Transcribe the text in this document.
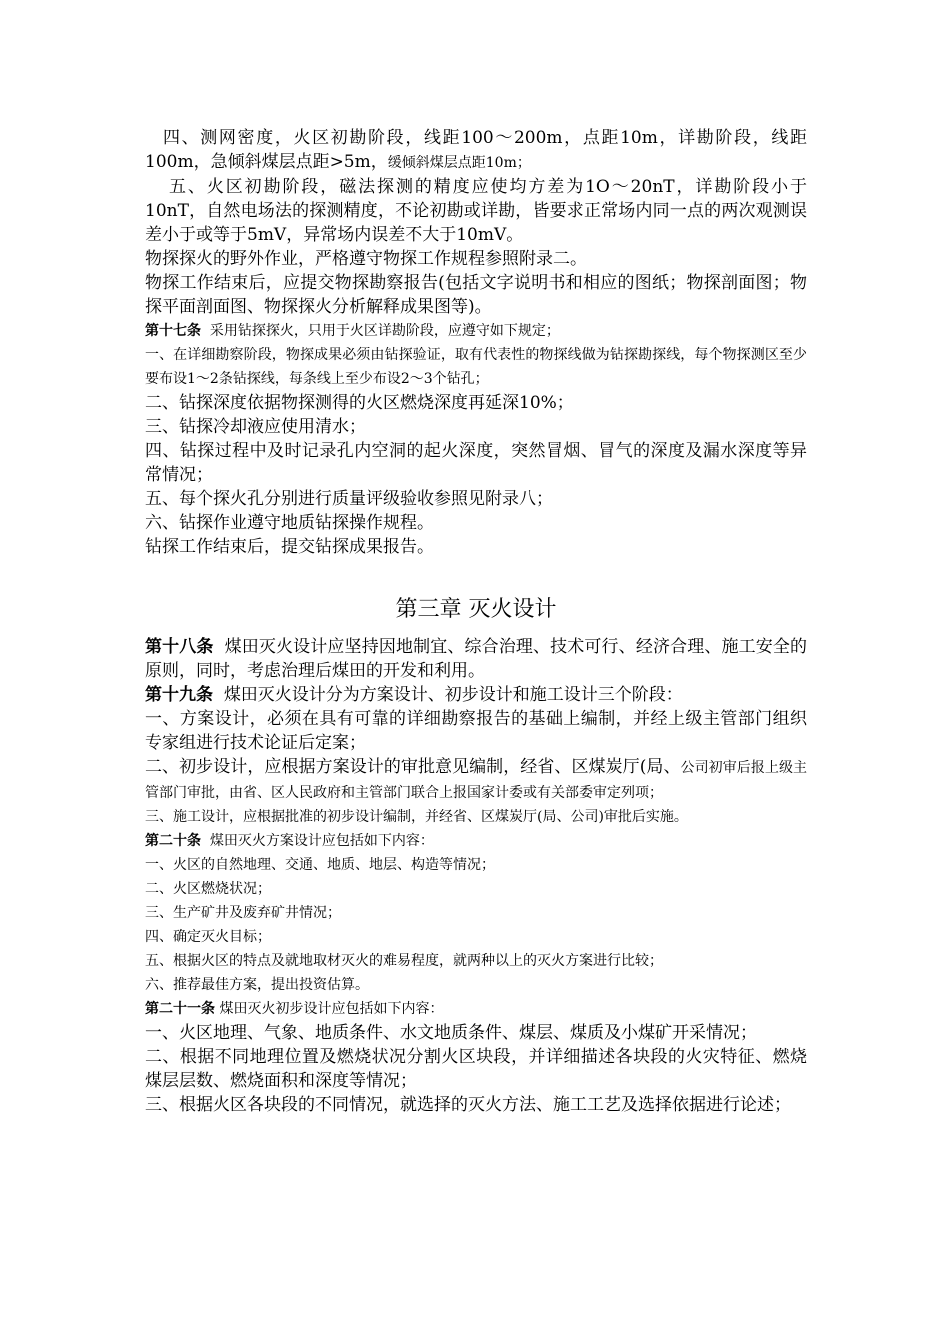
四、测网密度，火区初勘阶段，线距100～200m，点距10m，详勘阶段，线距100m，急倾斜煤层点距>5m，缓倾斜煤层点距10m；

五、火区初勘阶段，磁法探测的精度应使均方差为1O～20nT，详勘阶段小于10nT，自然电场法的探测精度，不论初勘或详勘，皆要求正常场内同一点的两次观测误差小于或等于5mV，异常场内误差不大于10mV。

物探探火的野外作业，严格遵守物探工作规程参照附录二。

物探工作结束后，应提交物探勘察报告(包括文字说明书和相应的图纸；物探剖面图；物探平面剖面图、物探探火分析解释成果图等)。

第十七条 采用钻探探火，只用于火区详勘阶段，应遵守如下规定；

一、在详细勘察阶段，物探成果必须由钻探验证，取有代表性的物探线做为钻探勘探线，每个物探测区至少要布设1～2条钻探线，每条线上至少布设2～3个钻孔；

二、钻探深度依据物探测得的火区燃烧深度再延深10%；

三、钻探冷却液应使用清水；

四、钻探过程中及时记录孔内空洞的起火深度，突然冒烟、冒气的深度及漏水深度等异常情况；

五、每个探火孔分别进行质量评级验收参照见附录八；

六、钻探作业遵守地质钻探操作规程。

钻探工作结束后，提交钻探成果报告。

第三章 灭火设计

第十八条 煤田灭火设计应坚持因地制宜、综合治理、技术可行、经济合理、施工安全的原则，同时，考虑治理后煤田的开发和利用。

第十九条 煤田灭火设计分为方案设计、初步设计和施工设计三个阶段：

一、方案设计，必须在具有可靠的详细勘察报告的基础上编制，并经上级主管部门组织专家组进行技术论证后定案；

二、初步设计，应根据方案设计的审批意见编制，经省、区煤炭厅(局、公司初审后报上级主管部门审批，由省、区人民政府和主管部门联合上报国家计委或有关部委审定列项；

三、施工设计，应根据批准的初步设计编制，并经省、区煤炭厅(局、公司)审批后实施。

第二十条 煤田灭火方案设计应包括如下内容：

一、火区的自然地理、交通、地质、地层、构造等情况；

二、火区燃烧状况；

三、生产矿井及废弃矿井情况；

四、确定灭火目标；

五、根据火区的特点及就地取材灭火的难易程度，就两种以上的灭火方案进行比较；

六、推荐最佳方案，提出投资估算。

第二十一条 煤田灭火初步设计应包括如下内容：

一、火区地理、气象、地质条件、水文地质条件、煤层、煤质及小煤矿开采情况；

二、根据不同地理位置及燃烧状况分割火区块段，并详细描述各块段的火灾特征、燃烧煤层层数、燃烧面积和深度等情况；

三、根据火区各块段的不同情况，就选择的灭火方法、施工工艺及选择依据进行论述；
